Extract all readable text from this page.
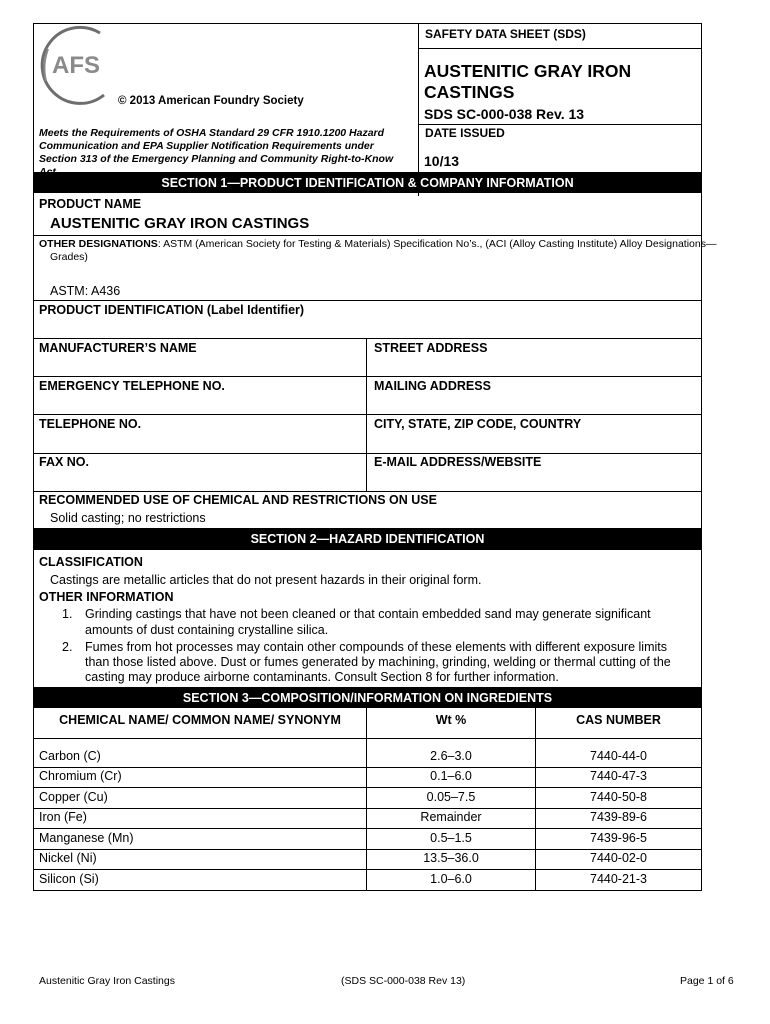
AFS
© 2013 American Foundry Society
Meets the Requirements of OSHA Standard 29 CFR 1910.1200 Hazard Communication and EPA Supplier Notification Requirements under Section 313 of the Emergency Planning and Community Right-to-Know
SAFETY DATA SHEET (SDS)
AUSTENITIC GRAY IRON
CASTINGS
SDS SC-000-038 Rev. 13
DATE ISSUED
10/13
SECTION 1—PRODUCT IDENTIFICATION & COMPANY INFORMATION
PRODUCT NAME
AUSTENITIC GRAY IRON CASTINGS
OTHER DESIGNATIONS: ASTM (American Society for Testing & Materials) Specification No’s., (ACI (Alloy Casting Institute) Alloy Designations—
Grades)
ASTM: A436
PRODUCT IDENTIFICATION (Label Identifier)
MANUFACTURER’S NAME	STREET ADDRESS
EMERGENCY TELEPHONE NO.	MAILING ADDRESS
TELEPHONE NO.	CITY, STATE, ZIP CODE, COUNTRY
FAX NO.	E-MAIL ADDRESS/WEBSITE
RECOMMENDED USE OF CHEMICAL AND RESTRICTIONS ON USE
Solid casting; no restrictions
SECTION 2—HAZARD IDENTIFICATION
CLASSIFICATION
Castings are metallic articles that do not present hazards in their original form.
OTHER INFORMATION
1. Grinding castings that have not been cleaned or that contain embedded sand may generate significant
amounts of dust containing crystalline silica.
2. Fumes from hot processes may contain other compounds of these elements with different exposure limits
than those listed above. Dust or fumes generated by machining, grinding, welding or thermal cutting of the
casting may produce airborne contaminants. Consult Section 8 for further information.
SECTION 3—COMPOSITION/INFORMATION ON INGREDIENTS
CHEMICAL NAME/ COMMON NAME/ SYNONYM	Wt %	CAS NUMBER
Carbon (C)	2.6–3.0	7440-44-0
Chromium (Cr)	0.1–6.0	7440-47-3
Copper (Cu)	0.05–7.5	7440-50-8
Iron (Fe)	Remainder	7439-89-6
Manganese (Mn)	0.5–1.5	7439-96-5
Nickel (Ni)	13.5–36.0	7440-02-0
Silicon (Si)	1.0–6.0	7440-21-3
Austenitic Gray Iron Castings	(SDS SC-000-038 Rev 13)	Page 1 of 6
